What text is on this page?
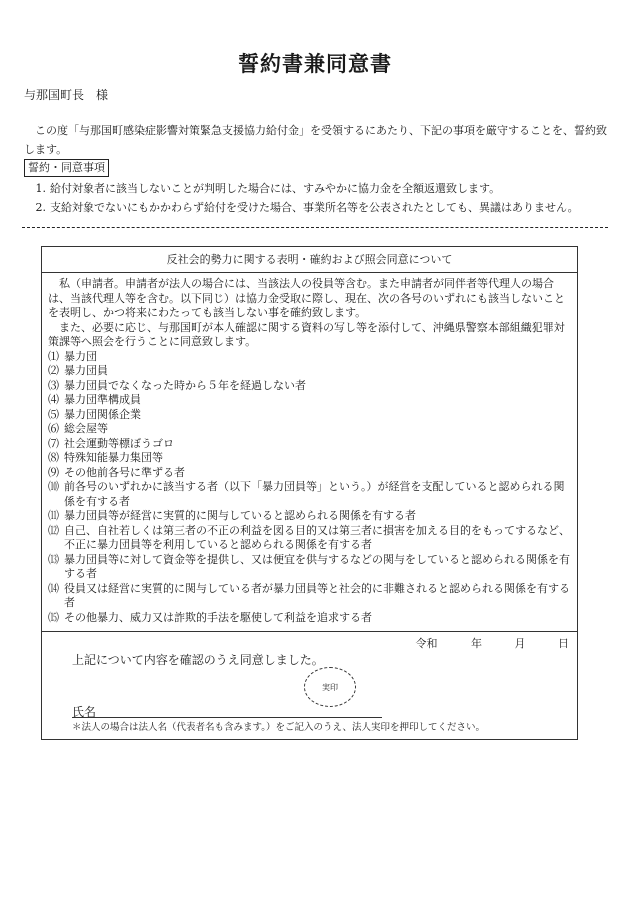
誓約書兼同意書
与那国町長　様
この度「与那国町感染症影響対策緊急支援協力給付金」を受領するにあたり、下記の事項を厳守することを、誓約致します。
誓約・同意事項
1. 給付対象者に該当しないことが判明した場合には、すみやかに協力金を全額返還致します。
2. 支給対象でないにもかかわらず給付を受けた場合、事業所名等を公表されたとしても、異議はありません。
反社会的勢力に関する表明・確約および照会同意について

私（申請者。申請者が法人の場合には、当該法人の役員等含む。また申請者が同伴者等代理人の場合は、当該代理人等を含む。以下同じ）は協力金受取に際し、現在、次の各号のいずれにも該当しないことを表明し、かつ将来にわたっても該当しない事を確約致します。

また、必要に応じ、与那国町が本人確認に関する資料の写し等を添付して、沖縄県警察本部組織犯罪対策課等へ照会を行うことに同意致します。

⑴ 暴力団
⑵ 暴力団員
⑶ 暴力団員でなくなった時から５年を経過しない者
⑷ 暴力団準構成員
⑸ 暴力団関係企業
⑹ 総会屋等
⑺ 社会運動等標ぼうゴロ
⑻ 特殊知能暴力集団等
⑼ その他前各号に準ずる者
⑽ 前各号のいずれかに該当する者（以下「暴力団員等」という。）が経営を支配していると認められる関係を有する者
⑾ 暴力団員等が経営に実質的に関与していると認められる関係を有する者
⑿ 自己、自社若しくは第三者の不正の利益を図る目的又は第三者に損害を加える目的をもってするなど、不正に暴力団員等を利用していると認められる関係を有する者
⒀ 暴力団員等に対して資金等を提供し、又は便宜を供与するなどの関与をしていると認められる関係を有する者
⒁ 役員又は経営に実質的に関与している者が暴力団員等と社会的に非難されると認められる関係を有する者
⒂ その他暴力、威力又は詐欺的手法を駆使して利益を追求する者
令和	年	月	日
上記について内容を確認のうえ同意しました。
実印
氏名
＊法人の場合は法人名（代表者名も含みます。）をご記入のうえ、法人実印を押印してください。
